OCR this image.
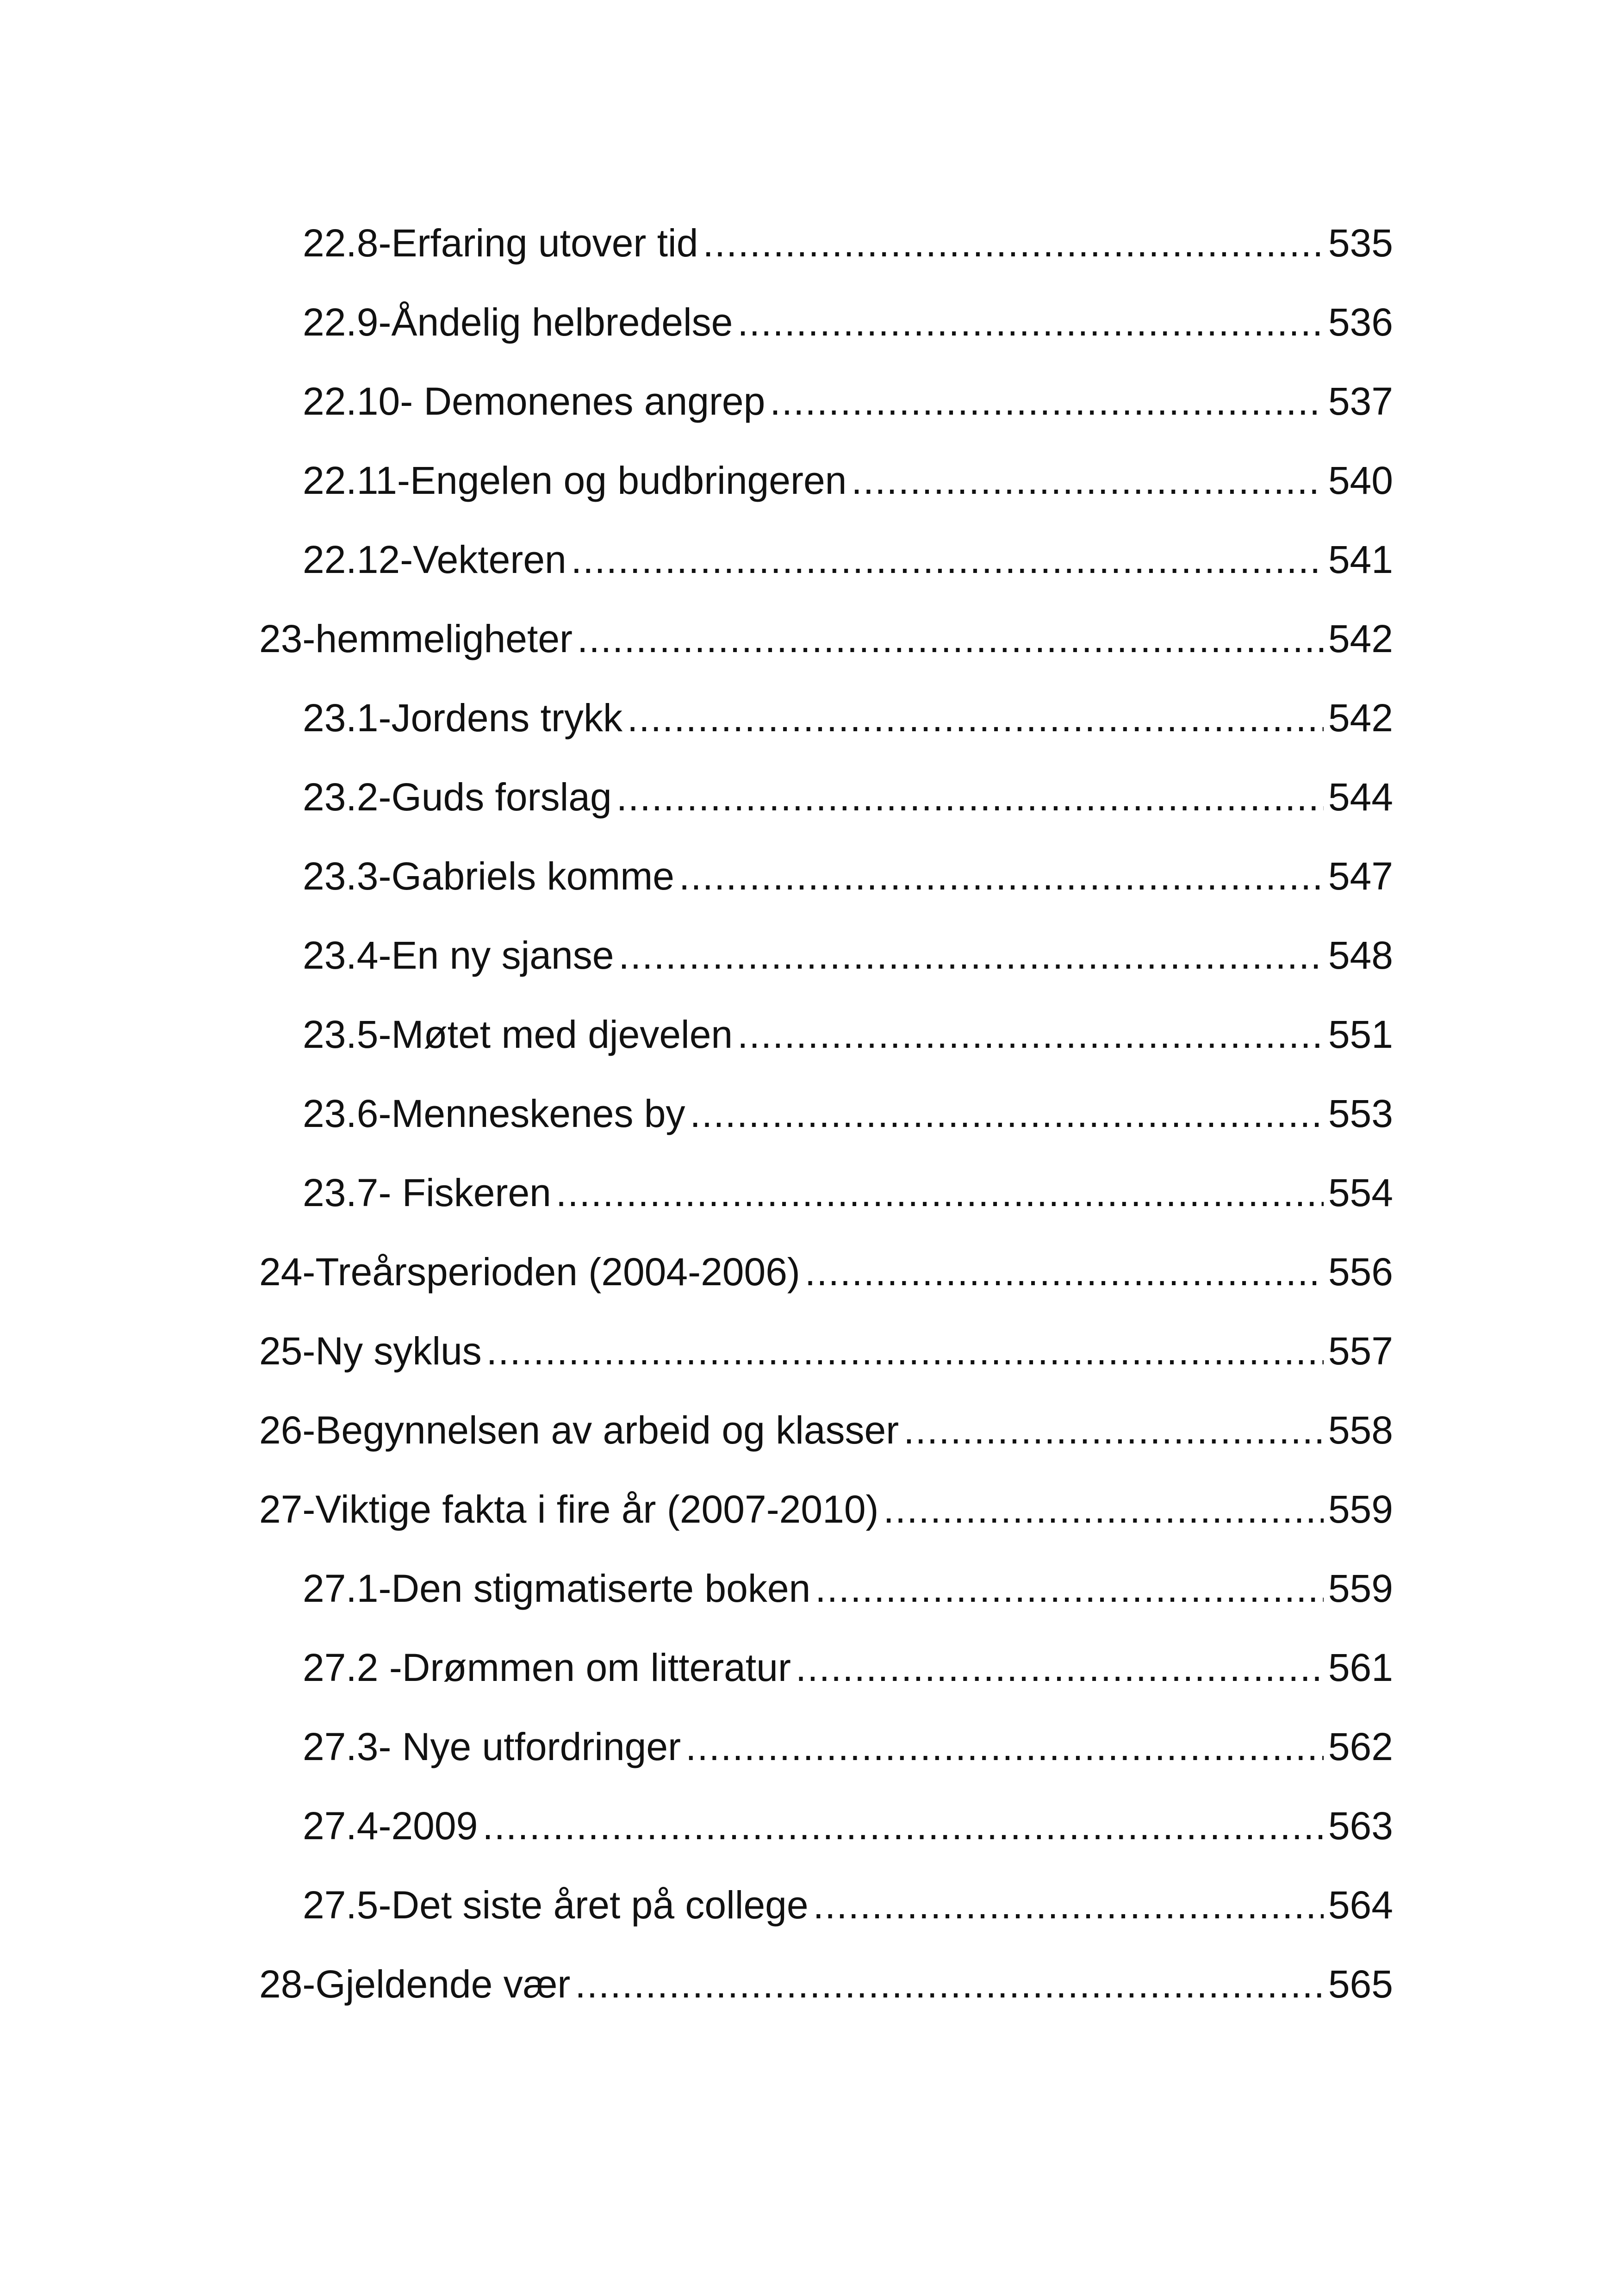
22.8-Erfaring utover tid .....	535
22.9-Åndelig helbredelse .....	536
22.10- Demonenes angrep .....	537
22.11-Engelen og budbringeren .....	540
22.12-Vekteren .....	541
23-hemmeligheter .....	542
23.1-Jordens trykk .....	542
23.2-Guds forslag .....	544
23.3-Gabriels komme .....	547
23.4-En ny sjanse .....	548
23.5-Møtet med djevelen .....	551
23.6-Menneskenes by .....	553
23.7- Fiskeren .....	554
24-Treårsperioden (2004-2006) .....	556
25-Ny syklus .....	557
26-Begynnelsen av arbeid og klasser .....	558
27-Viktige fakta i fire år (2007-2010) .....	559
27.1-Den stigmatiserte boken .....	559
27.2 -Drømmen om litteratur .....	561
27.3- Nye utfordringer .....	562
27.4-2009 .....	563
27.5-Det siste året på college .....	564
28-Gjeldende vær .....	565
